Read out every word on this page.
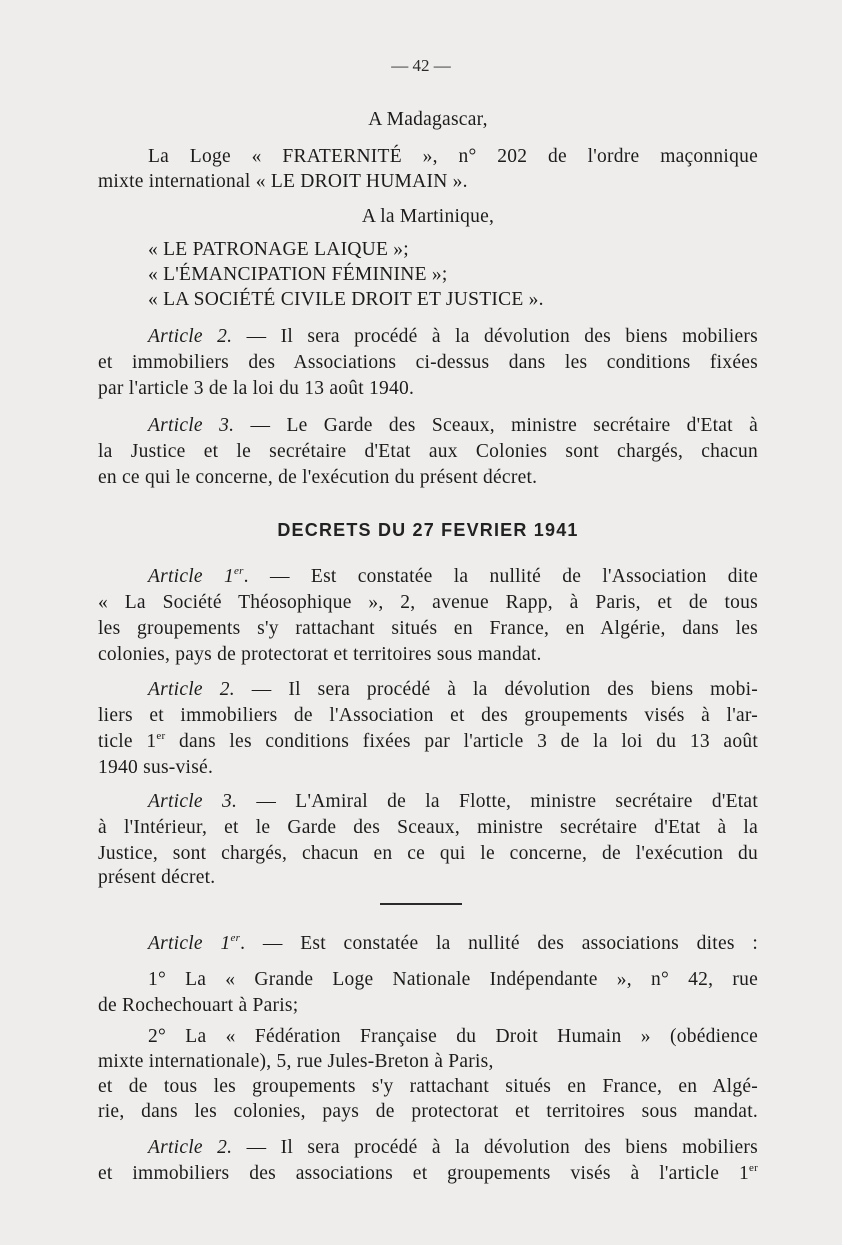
— 42 —
A Madagascar,
La Loge « FRATERNITÉ », n° 202 de l'ordre maçonnique
mixte international « LE DROIT HUMAIN ».
A la Martinique,
« LE PATRONAGE LAIQUE »;
« L'ÉMANCIPATION FÉMININE »;
« LA SOCIÉTÉ CIVILE DROIT ET JUSTICE ».
Article 2. — Il sera procédé à la dévolution des biens mobiliers
et immobiliers des Associations ci-dessus dans les conditions fixées
par l'article 3 de la loi du 13 août 1940.
Article 3. — Le Garde des Sceaux, ministre secrétaire d'Etat à
la Justice et le secrétaire d'Etat aux Colonies sont chargés, chacun
en ce qui le concerne, de l'exécution du présent décret.
DECRETS DU 27 FEVRIER 1941
Article 1er. — Est constatée la nullité de l'Association dite
« La Société Théosophique », 2, avenue Rapp, à Paris, et de tous
les groupements s'y rattachant situés en France, en Algérie, dans les
colonies, pays de protectorat et territoires sous mandat.
Article 2. — Il sera procédé à la dévolution des biens mobi-
liers et immobiliers de l'Association et des groupements visés à l'ar-
ticle 1er dans les conditions fixées par l'article 3 de la loi du 13 août
1940 sus-visé.
Article 3. — L'Amiral de la Flotte, ministre secrétaire d'Etat
à l'Intérieur, et le Garde des Sceaux, ministre secrétaire d'Etat à la
Justice, sont chargés, chacun en ce qui le concerne, de l'exécution du
présent décret.
Article 1er. — Est constatée la nullité des associations dites :
1° La « Grande Loge Nationale Indépendante », n° 42, rue
de Rochechouart à Paris;
2° La « Fédération Française du Droit Humain » (obédience
mixte internationale), 5, rue Jules-Breton à Paris,
et de tous les groupements s'y rattachant situés en France, en Algé-
rie, dans les colonies, pays de protectorat et territoires sous mandat.
Article 2. — Il sera procédé à la dévolution des biens mobiliers
et immobiliers des associations et groupements visés à l'article 1er
